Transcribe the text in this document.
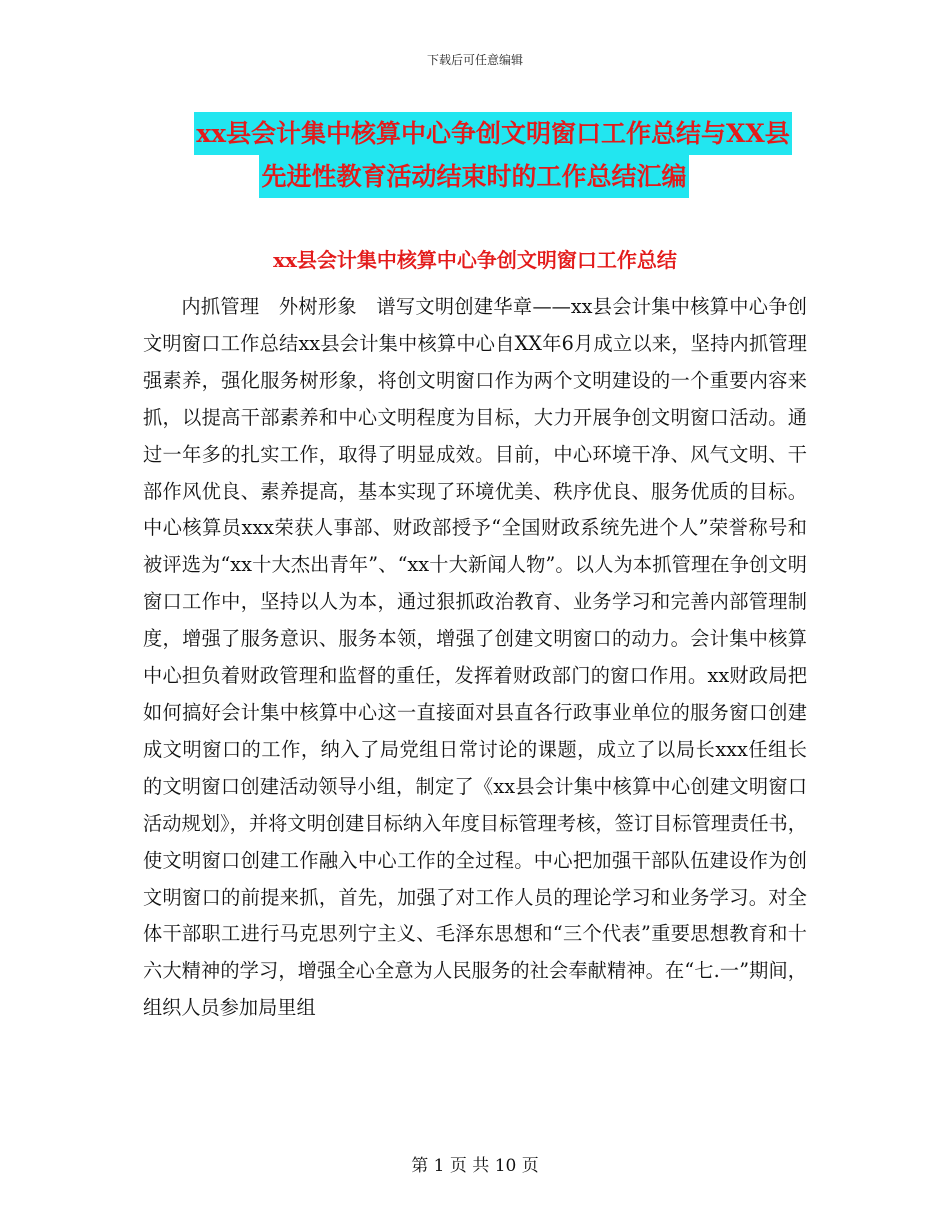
下载后可任意编辑
xx县会计集中核算中心争创文明窗口工作总结与XX县
先进性教育活动结束时的工作总结汇编
xx县会计集中核算中心争创文明窗口工作总结

内抓管理　外树形象　谱写文明创建华章——xx县会计集中核算中心争创文明窗口工作总结xx县会计集中核算中心自XX年6月成立以来，坚持内抓管理强素养，强化服务树形象，将创文明窗口作为两个文明建设的一个重要内容来抓，以提高干部素养和中心文明程度为目标，大力开展争创文明窗口活动。通过一年多的扎实工作，取得了明显成效。目前，中心环境干净、风气文明、干部作风优良、素养提高，基本实现了环境优美、秩序优良、服务优质的目标。中心核算员xxx荣获人事部、财政部授予“全国财政系统先进个人”荣誉称号和被评选为“xx十大杰出青年”、“xx十大新闻人物”。以人为本抓管理在争创文明窗口工作中，坚持以人为本，通过狠抓政治教育、业务学习和完善内部管理制度，增强了服务意识、服务本领，增强了创建文明窗口的动力。会计集中核算中心担负着财政管理和监督的重任，发挥着财政部门的窗口作用。xx财政局把如何搞好会计集中核算中心这一直接面对县直各行政事业单位的服务窗口创建成文明窗口的工作，纳入了局党组日常讨论的课题，成立了以局长xxx任组长的文明窗口创建活动领导小组，制定了《xx县会计集中核算中心创建文明窗口活动规划》，并将文明创建目标纳入年度目标管理考核，签订目标管理责任书，使文明窗口创建工作融入中心工作的全过程。中心把加强干部队伍建设作为创文明窗口的前提来抓，首先，加强了对工作人员的理论学习和业务学习。对全体干部职工进行马克思列宁主义、毛泽东思想和“三个代表”重要思想教育和十六大精神的学习，增强全心全意为人民服务的社会奉献精神。在“七.一”期间，组织人员参加局里组

第 1 页 共 10 页
